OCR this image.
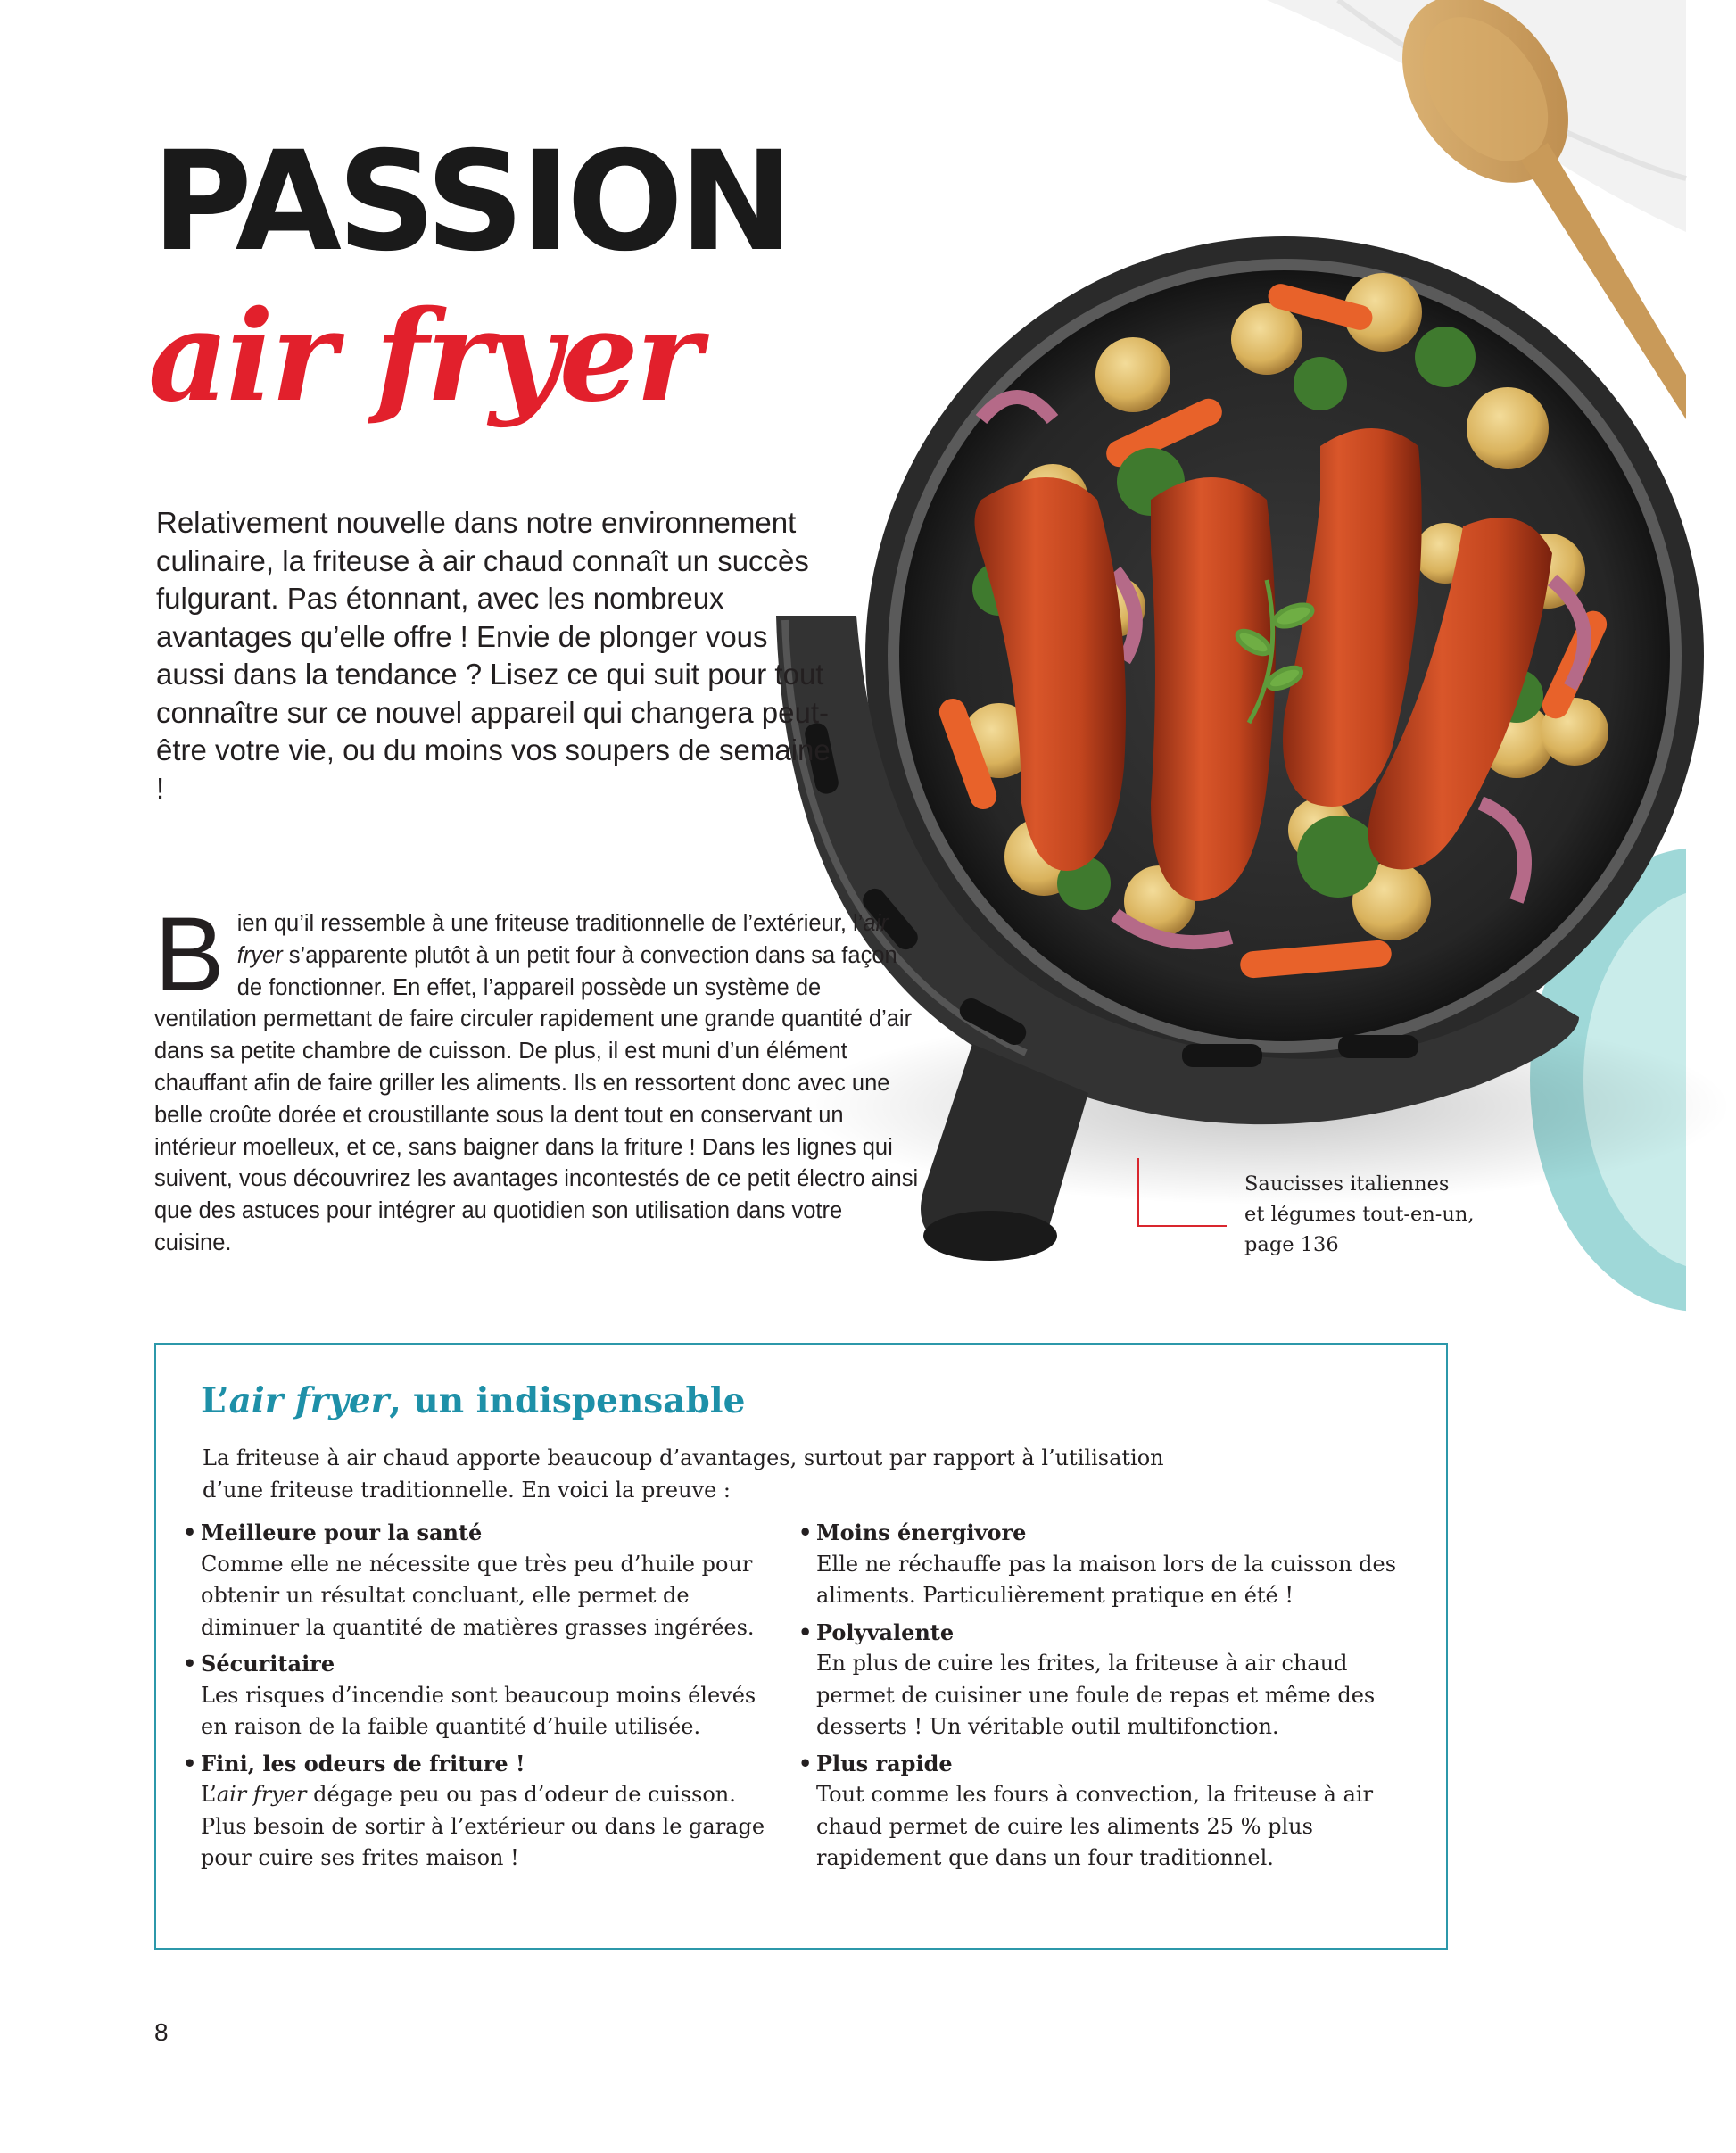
PASSION
air fryer

Relativement nouvelle dans notre environnement culinaire, la friteuse à air chaud connaît un succès fulgurant. Pas étonnant, avec les nombreux avantages qu’elle offre ! Envie de plonger vous aussi dans la tendance ? Lisez ce qui suit pour tout connaître sur ce nouvel appareil qui changera peut-être votre vie, ou du moins vos soupers de semaine !

Bien qu’il ressemble à une friteuse traditionnelle de l’extérieur, l’air fryer s’apparente plutôt à un petit four à convection dans sa façon de fonctionner. En effet, l’appareil possède un système de ventilation permettant de faire circuler rapidement une grande quantité d’air dans sa petite chambre de cuisson. De plus, il est muni d’un élément chauffant afin de faire griller les aliments. Ils en ressortent donc avec une belle croûte dorée et croustillante sous la dent tout en conservant un intérieur moelleux, et ce, sans baigner dans la friture ! Dans les lignes qui suivent, vous découvrirez les avantages incontestés de ce petit électro ainsi que des astuces pour intégrer au quotidien son utilisation dans votre cuisine.
Saucisses italiennes
et légumes tout-en-un,
page 136
L’air fryer, un indispensable

La friteuse à air chaud apporte beaucoup d’avantages, surtout par rapport à l’utilisation d’une friteuse traditionnelle. En voici la preuve :

• Meilleure pour la santé
Comme elle ne nécessite que très peu d’huile pour obtenir un résultat concluant, elle permet de diminuer la quantité de matières grasses ingérées.
• Sécuritaire
Les risques d’incendie sont beaucoup moins élevés en raison de la faible quantité d’huile utilisée.
• Fini, les odeurs de friture !
L’air fryer dégage peu ou pas d’odeur de cuisson. Plus besoin de sortir à l’extérieur ou dans le garage pour cuire ses frites maison !
• Moins énergivore
Elle ne réchauffe pas la maison lors de la cuisson des aliments. Particulièrement pratique en été !
• Polyvalente
En plus de cuire les frites, la friteuse à air chaud permet de cuisiner une foule de repas et même des desserts ! Un véritable outil multifonction.
• Plus rapide
Tout comme les fours à convection, la friteuse à air chaud permet de cuire les aliments 25 % plus rapidement que dans un four traditionnel.
8
